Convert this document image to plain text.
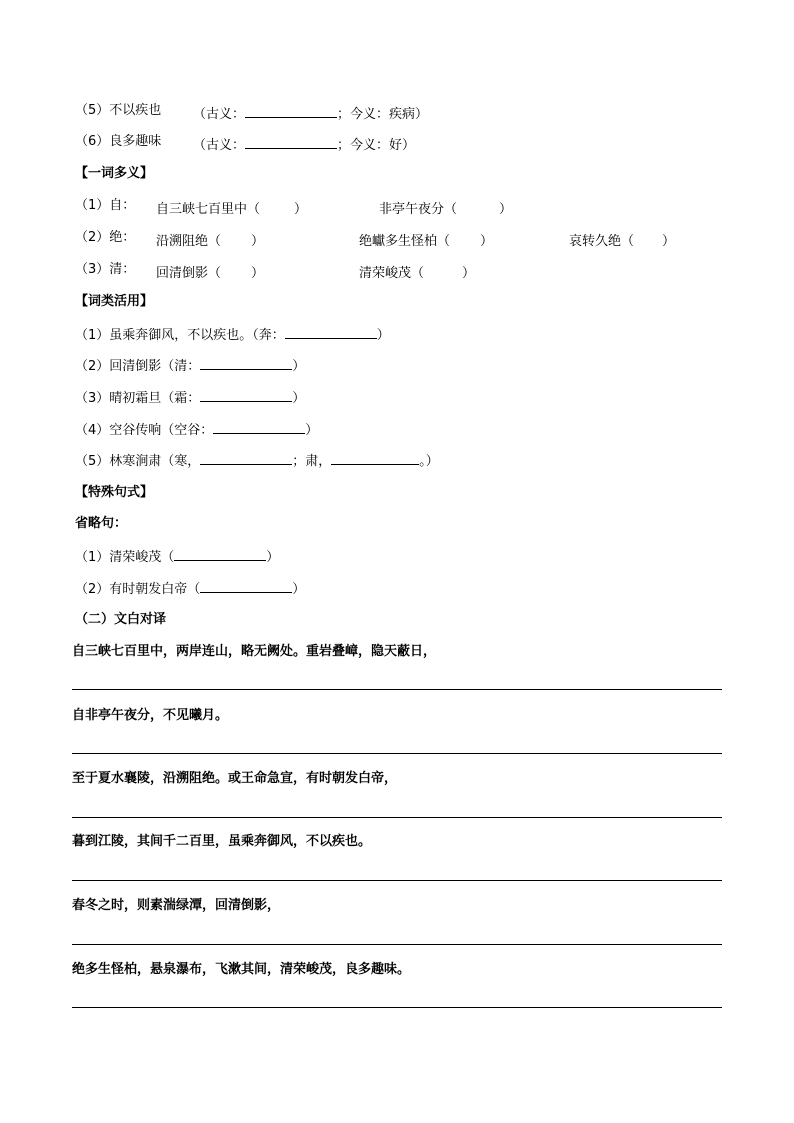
（5）不以疾也 （古义：	；今义：疾病）
（6）良多趣味 （古义：	；今义：好）
【一词多义】
（1）自： 自三峡七百里中（	）	非亭午夜分（	）
（2）绝： 沿溯阻绝（ ）	绝巘多生怪柏（ ）	哀转久绝（ ）
（3）清： 回清倒影（ ）	清荣峻茂（	）
【词类活用】
（1）虽乘奔御风，不以疾也。（奔：	）
（2）回清倒影（清：	）
（3）晴初霜旦（霜：	）
（4）空谷传响（空谷：	）
（5）林寒涧肃（寒，	；肃，	。）
【特殊句式】
省略句：
（1）清荣峻茂（	）
（2）有时朝发白帝（	）
（二）文白对译
自三峡七百里中，两岸连山，略无阙处。重岩叠嶂，隐天蔽日，
自非亭午夜分，不见曦月。
至于夏水襄陵，沿溯阻绝。或王命急宣，有时朝发白帝，
暮到江陵，其间千二百里，虽乘奔御风，不以疾也。
春冬之时，则素湍绿潭，回清倒影，
绝多生怪柏，悬泉瀑布，飞漱其间，清荣峻茂，良多趣味。
